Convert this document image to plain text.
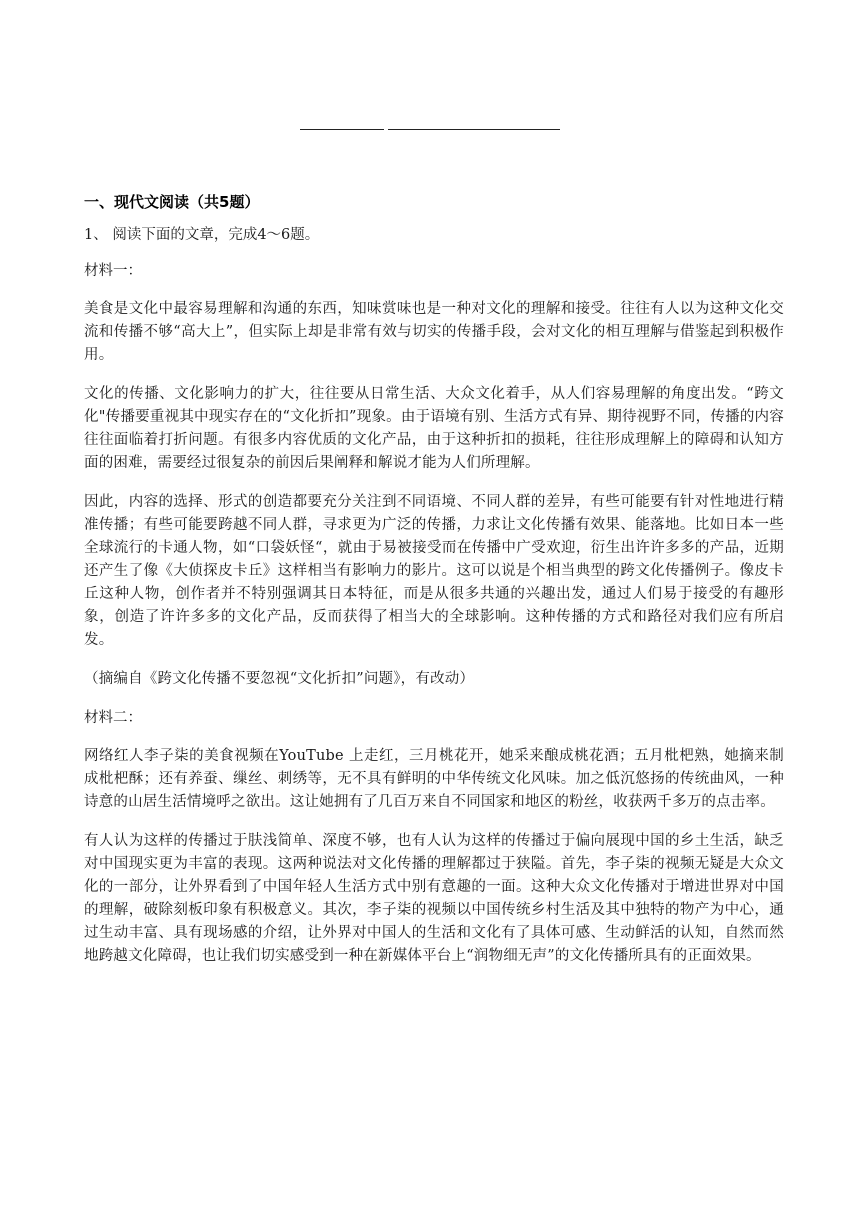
一、现代文阅读（共5题）

1、 阅读下面的文章，完成4～6题。

材料一：

美食是文化中最容易理解和沟通的东西，知味赏味也是一种对文化的理解和接受。往往有人以为这种文化交流和传播不够“高大上”，但实际上却是非常有效与切实的传播手段，会对文化的相互理解与借鉴起到积极作用。

文化的传播、文化影响力的扩大，往往要从日常生活、大众文化着手，从人们容易理解的角度出发。“跨文化"传播要重视其中现实存在的“文化折扣”现象。由于语境有别、生活方式有异、期待视野不同，传播的内容往往面临着打折问题。有很多内容优质的文化产品，由于这种折扣的损耗，往往形成理解上的障碍和认知方面的困难，需要经过很复杂的前因后果阐释和解说才能为人们所理解。

因此，内容的选择、形式的创造都要充分关注到不同语境、不同人群的差异，有些可能要有针对性地进行精准传播；有些可能要跨越不同人群，寻求更为广泛的传播，力求让文化传播有效果、能落地。比如日本一些全球流行的卡通人物，如“口袋妖怪“，就由于易被接受而在传播中广受欢迎，衍生出许许多多的产品，近期还产生了像《大侦探皮卡丘》这样相当有影响力的影片。这可以说是个相当典型的跨文化传播例子。像皮卡丘这种人物，创作者并不特别强调其日本特征，而是从很多共通的兴趣出发，通过人们易于接受的有趣形象，创造了许许多多的文化产品，反而获得了相当大的全球影响。这种传播的方式和路径对我们应有所启发。

（摘编自《跨文化传播不要忽视“文化折扣”问题》，有改动）

材料二：

网络红人李子柒的美食视频在YouTube 上走红，三月桃花开，她采来酿成桃花酒；五月枇杷熟，她摘来制成枇杷酥；还有养蚕、缫丝、刺绣等，无不具有鲜明的中华传统文化风味。加之低沉悠扬的传统曲风，一种诗意的山居生活情境呼之欲出。这让她拥有了几百万来自不同国家和地区的粉丝，收获两千多万的点击率。

有人认为这样的传播过于肤浅简单、深度不够，也有人认为这样的传播过于偏向展现中国的乡土生活，缺乏对中国现实更为丰富的表现。这两种说法对文化传播的理解都过于狭隘。首先，李子柒的视频无疑是大众文化的一部分，让外界看到了中国年轻人生活方式中别有意趣的一面。这种大众文化传播对于增进世界对中国的理解，破除刻板印象有积极意义。其次，李子柒的视频以中国传统乡村生活及其中独特的物产为中心，通过生动丰富、具有现场感的介绍，让外界对中国人的生活和文化有了具体可感、生动鲜活的认知，自然而然地跨越文化障碍，也让我们切实感受到一种在新媒体平台上“润物细无声”的文化传播所具有的正面效果。
